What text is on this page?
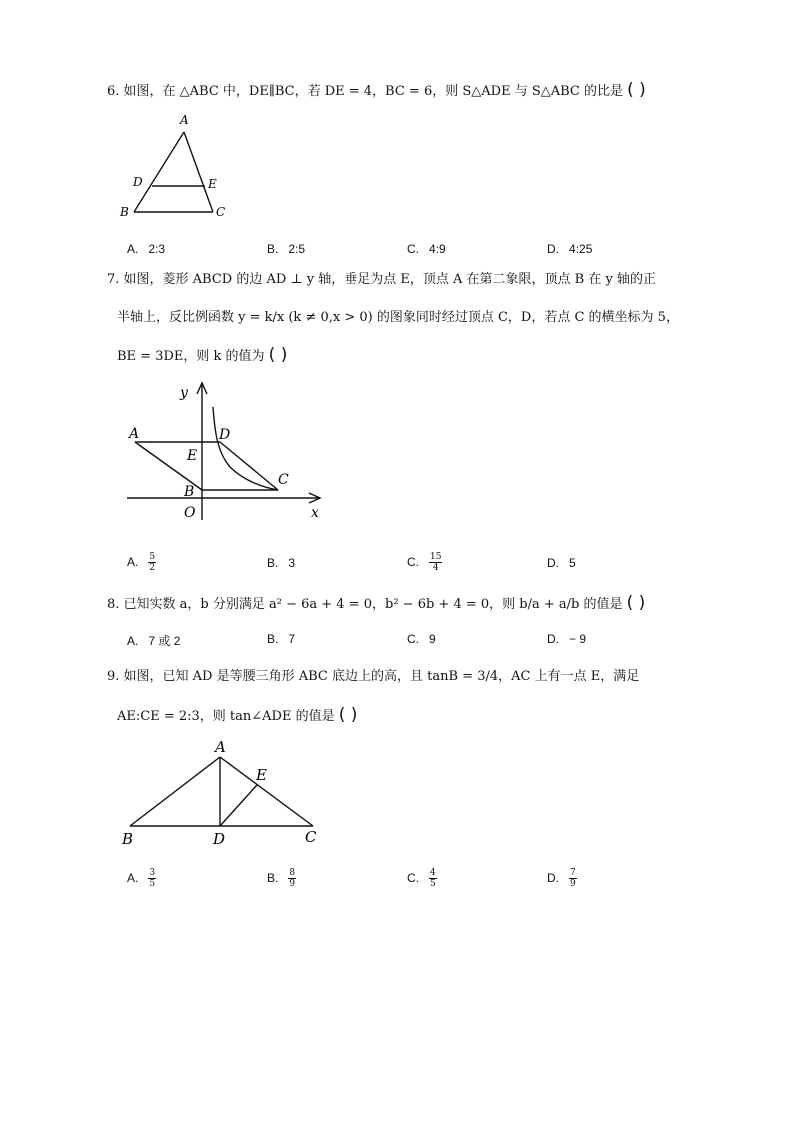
6. 如图，在 △ABC 中，DE∥BC，若 DE = 4，BC = 6，则 S△ADE 与 S△ABC 的比是 ( )
A
D	E
B	C
A. 2:3	B. 2:5	C. 4:9	D. 4:25
7. 如图，菱形 ABCD 的边 AD ⊥ y 轴，垂足为点 E，顶点 A 在第二象限，顶点 B 在 y 轴的正
半轴上，反比例函数 y = k/x (k ≠ 0,x > 0) 的图象同时经过顶点 C，D，若点 C 的横坐标为 5，
BE = 3DE，则 k 的值为 ( )
y
x
A	D
E
C
B
O
A. $\frac{5}{2}$	B. 3	C. $\frac{15}{4}$	D. 5
8. 已知实数 a，b 分别满足 a² − 6a + 4 = 0，b² − 6b + 4 = 0，则 b/a + a/b 的值是 ( )
A. 7 或 2	B. 7	C. 9	D. − 9
9. 如图，已知 AD 是等腰三角形 ABC 底边上的高，且 tanB = 3/4，AC 上有一点 E，满足
AE:CE = 2:3，则 tan∠ADE 的值是 ( )
A
E
B	D	C
A. $\frac{3}{5}$	B. $\frac{8}{9}$	C. $\frac{4}{5}$	D. $\frac{7}{9}$
